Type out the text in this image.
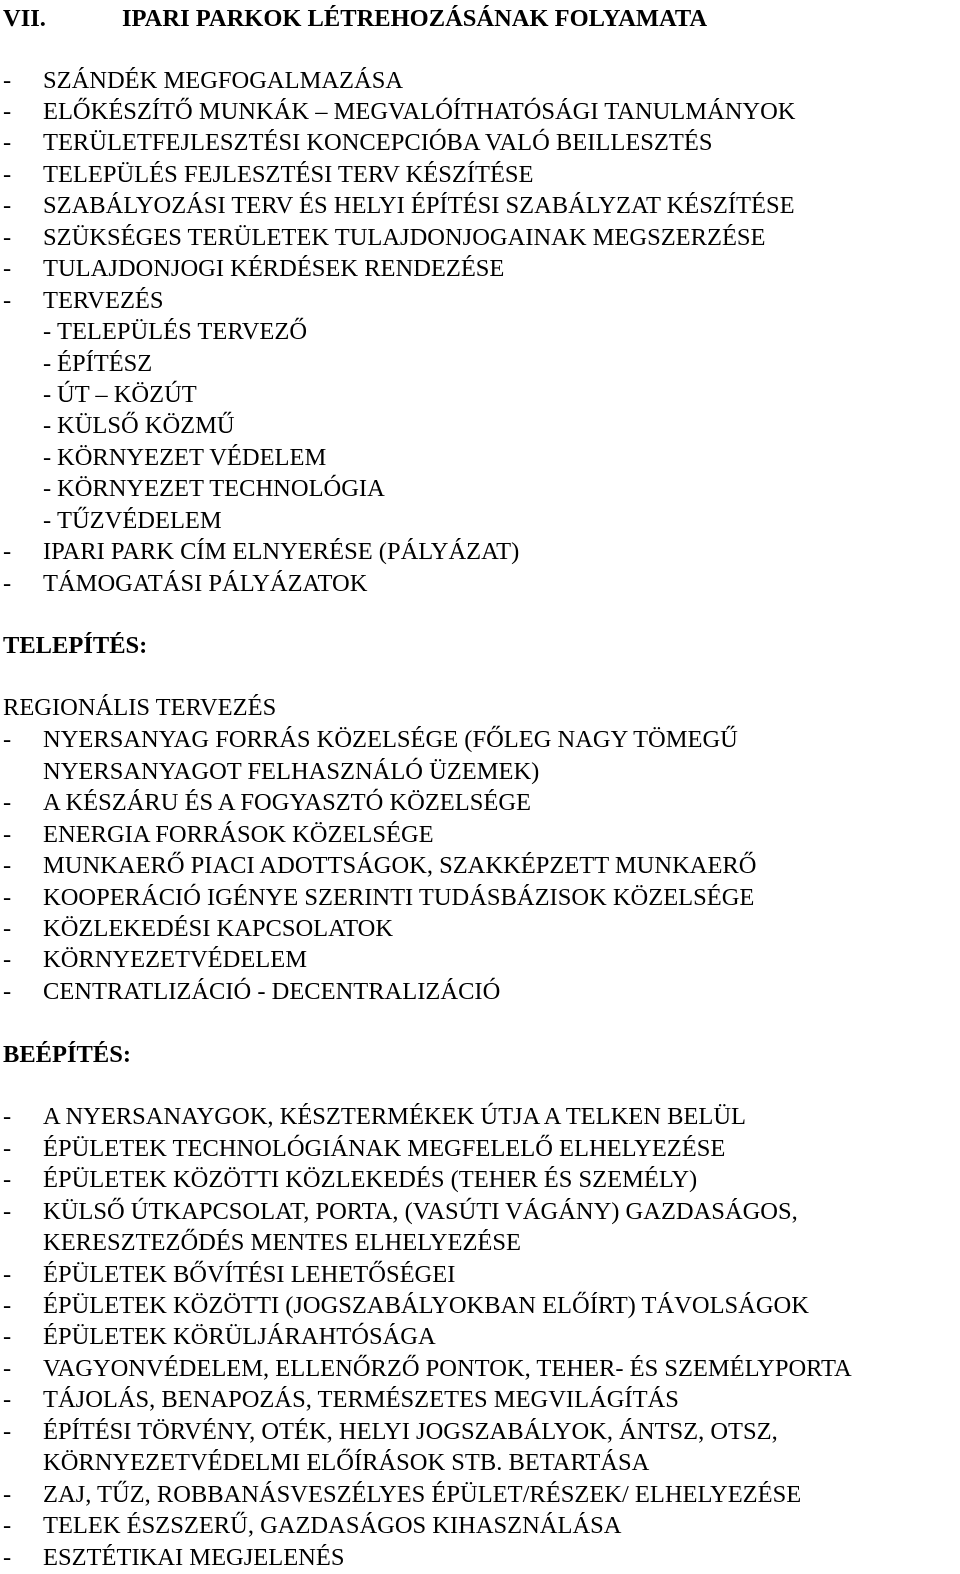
VII.	IPARI PARKOK LÉTREHOZÁSÁNAK FOLYAMATA
- SZÁNDÉK MEGFOGALMAZÁSA
- ELŐKÉSZÍTŐ MUNKÁK – MEGVALÓÍTHATÓSÁGI TANULMÁNYOK
- TERÜLETFEJLESZTÉSI KONCEPCIÓBA VALÓ BEILLESZTÉS
- TELEPÜLÉS FEJLESZTÉSI TERV KÉSZÍTÉSE
- SZABÁLYOZÁSI TERV ÉS HELYI ÉPÍTÉSI SZABÁLYZAT KÉSZÍTÉSE
- SZÜKSÉGES TERÜLETEK TULAJDONJOGAINAK MEGSZERZÉSE
- TULAJDONJOGI KÉRDÉSEK RENDEZÉSE
- TERVEZÉS
- TELEPÜLÉS TERVEZŐ
- ÉPÍTÉSZ
- ÚT – KÖZÚT
- KÜLSŐ KÖZMŰ
- KÖRNYEZET VÉDELEM
- KÖRNYEZET TECHNOLÓGIA
- TŰZVÉDELEM
- IPARI PARK CÍM ELNYERÉSE (PÁLYÁZAT)
- TÁMOGATÁSI PÁLYÁZATOK
TELEPÍTÉS:
REGIONÁLIS TERVEZÉS
- NYERSANYAG FORRÁS KÖZELSÉGE (FŐLEG NAGY TÖMEGŰ
NYERSANYAGOT FELHASZNÁLÓ ÜZEMEK)
- A KÉSZÁRU ÉS A FOGYASZTÓ KÖZELSÉGE
- ENERGIA FORRÁSOK KÖZELSÉGE
- MUNKAERŐ PIACI ADOTTSÁGOK, SZAKKÉPZETT MUNKAERŐ
- KOOPERÁCIÓ IGÉNYE SZERINTI TUDÁSBÁZISOK KÖZELSÉGE
- KÖZLEKEDÉSI KAPCSOLATOK
- KÖRNYEZETVÉDELEM
- CENTRATLIZÁCIÓ - DECENTRALIZÁCIÓ
BEÉPÍTÉS:
- A NYERSANAYGOK, KÉSZTERMÉKEK ÚTJA A TELKEN BELÜL
- ÉPÜLETEK TECHNOLÓGIÁNAK MEGFELELŐ ELHELYEZÉSE
- ÉPÜLETEK KÖZÖTTI KÖZLEKEDÉS (TEHER ÉS SZEMÉLY)
- KÜLSŐ ÚTKAPCSOLAT, PORTA, (VASÚTI VÁGÁNY) GAZDASÁGOS,
KERESZTEZŐDÉS MENTES ELHELYEZÉSE
- ÉPÜLETEK BŐVÍTÉSI LEHETŐSÉGEI
- ÉPÜLETEK KÖZÖTTI (JOGSZABÁLYOKBAN ELŐÍRT) TÁVOLSÁGOK
- ÉPÜLETEK KÖRÜLJÁRAHTÓSÁGA
- VAGYONVÉDELEM, ELLENŐRZŐ PONTOK, TEHER- ÉS SZEMÉLYPORTA
- TÁJOLÁS, BENAPOZÁS, TERMÉSZETES MEGVILÁGÍTÁS
- ÉPÍTÉSI TÖRVÉNY, OTÉK, HELYI JOGSZABÁLYOK, ÁNTSZ, OTSZ,
KÖRNYEZETVÉDELMI ELŐÍRÁSOK STB. BETARTÁSA
- ZAJ, TŰZ, ROBBANÁSVESZÉLYES ÉPÜLET/RÉSZEK/ ELHELYEZÉSE
- TELEK ÉSZSZERŰ, GAZDASÁGOS KIHASZNÁLÁSA
- ESZTÉTIKAI MEGJELENÉS
